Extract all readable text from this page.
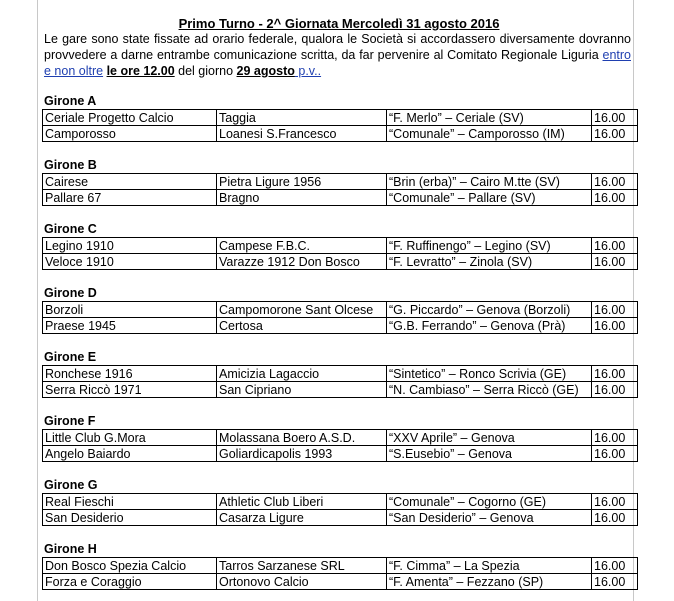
Primo Turno - 2^ Giornata Mercoledì 31 agosto 2016
Le gare sono state fissate ad orario federale, qualora le Società si accordassero diversamente dovranno provvedere a darne entrambe comunicazione scritta, da far pervenire al Comitato Regionale Liguria entro e non oltre le ore 12.00 del giorno 29 agosto p.v..
Girone A
Ceriale Progetto Calcio	Taggia	“F. Merlo” – Ceriale (SV)	16.00
Camporosso	Loanesi S.Francesco	“Comunale” – Camporosso (IM)	16.00
Girone B
Cairese	Pietra Ligure 1956	“Brin (erba)” – Cairo M.tte (SV)	16.00
Pallare 67	Bragno	“Comunale” – Pallare (SV)	16.00
Girone C
Legino 1910	Campese F.B.C.	“F. Ruffinengo” – Legino (SV)	16.00
Veloce 1910	Varazze 1912 Don Bosco	“F. Levratto” – Zinola (SV)	16.00
Girone D
Borzoli	Campomorone Sant Olcese	“G. Piccardo” – Genova (Borzoli)	16.00
Praese 1945	Certosa	“G.B. Ferrando” – Genova (Prà)	16.00
Girone E
Ronchese 1916	Amicizia Lagaccio	“Sintetico” – Ronco Scrivia (GE)	16.00
Serra Riccò 1971	San Cipriano	“N. Cambiaso” – Serra Riccò (GE)	16.00
Girone F
Little Club G.Mora	Molassana Boero A.S.D.	“XXV Aprile” – Genova	16.00
Angelo Baiardo	Goliardicapolis 1993	“S.Eusebio” – Genova	16.00
Girone G
Real Fieschi	Athletic Club Liberi	“Comunale” – Cogorno (GE)	16.00
San Desiderio	Casarza Ligure	“San Desiderio” – Genova	16.00
Girone H
Don Bosco Spezia Calcio	Tarros Sarzanese SRL	“F. Cimma” – La Spezia	16.00
Forza e Coraggio	Ortonovo Calcio	“F. Amenta” – Fezzano (SP)	16.00
